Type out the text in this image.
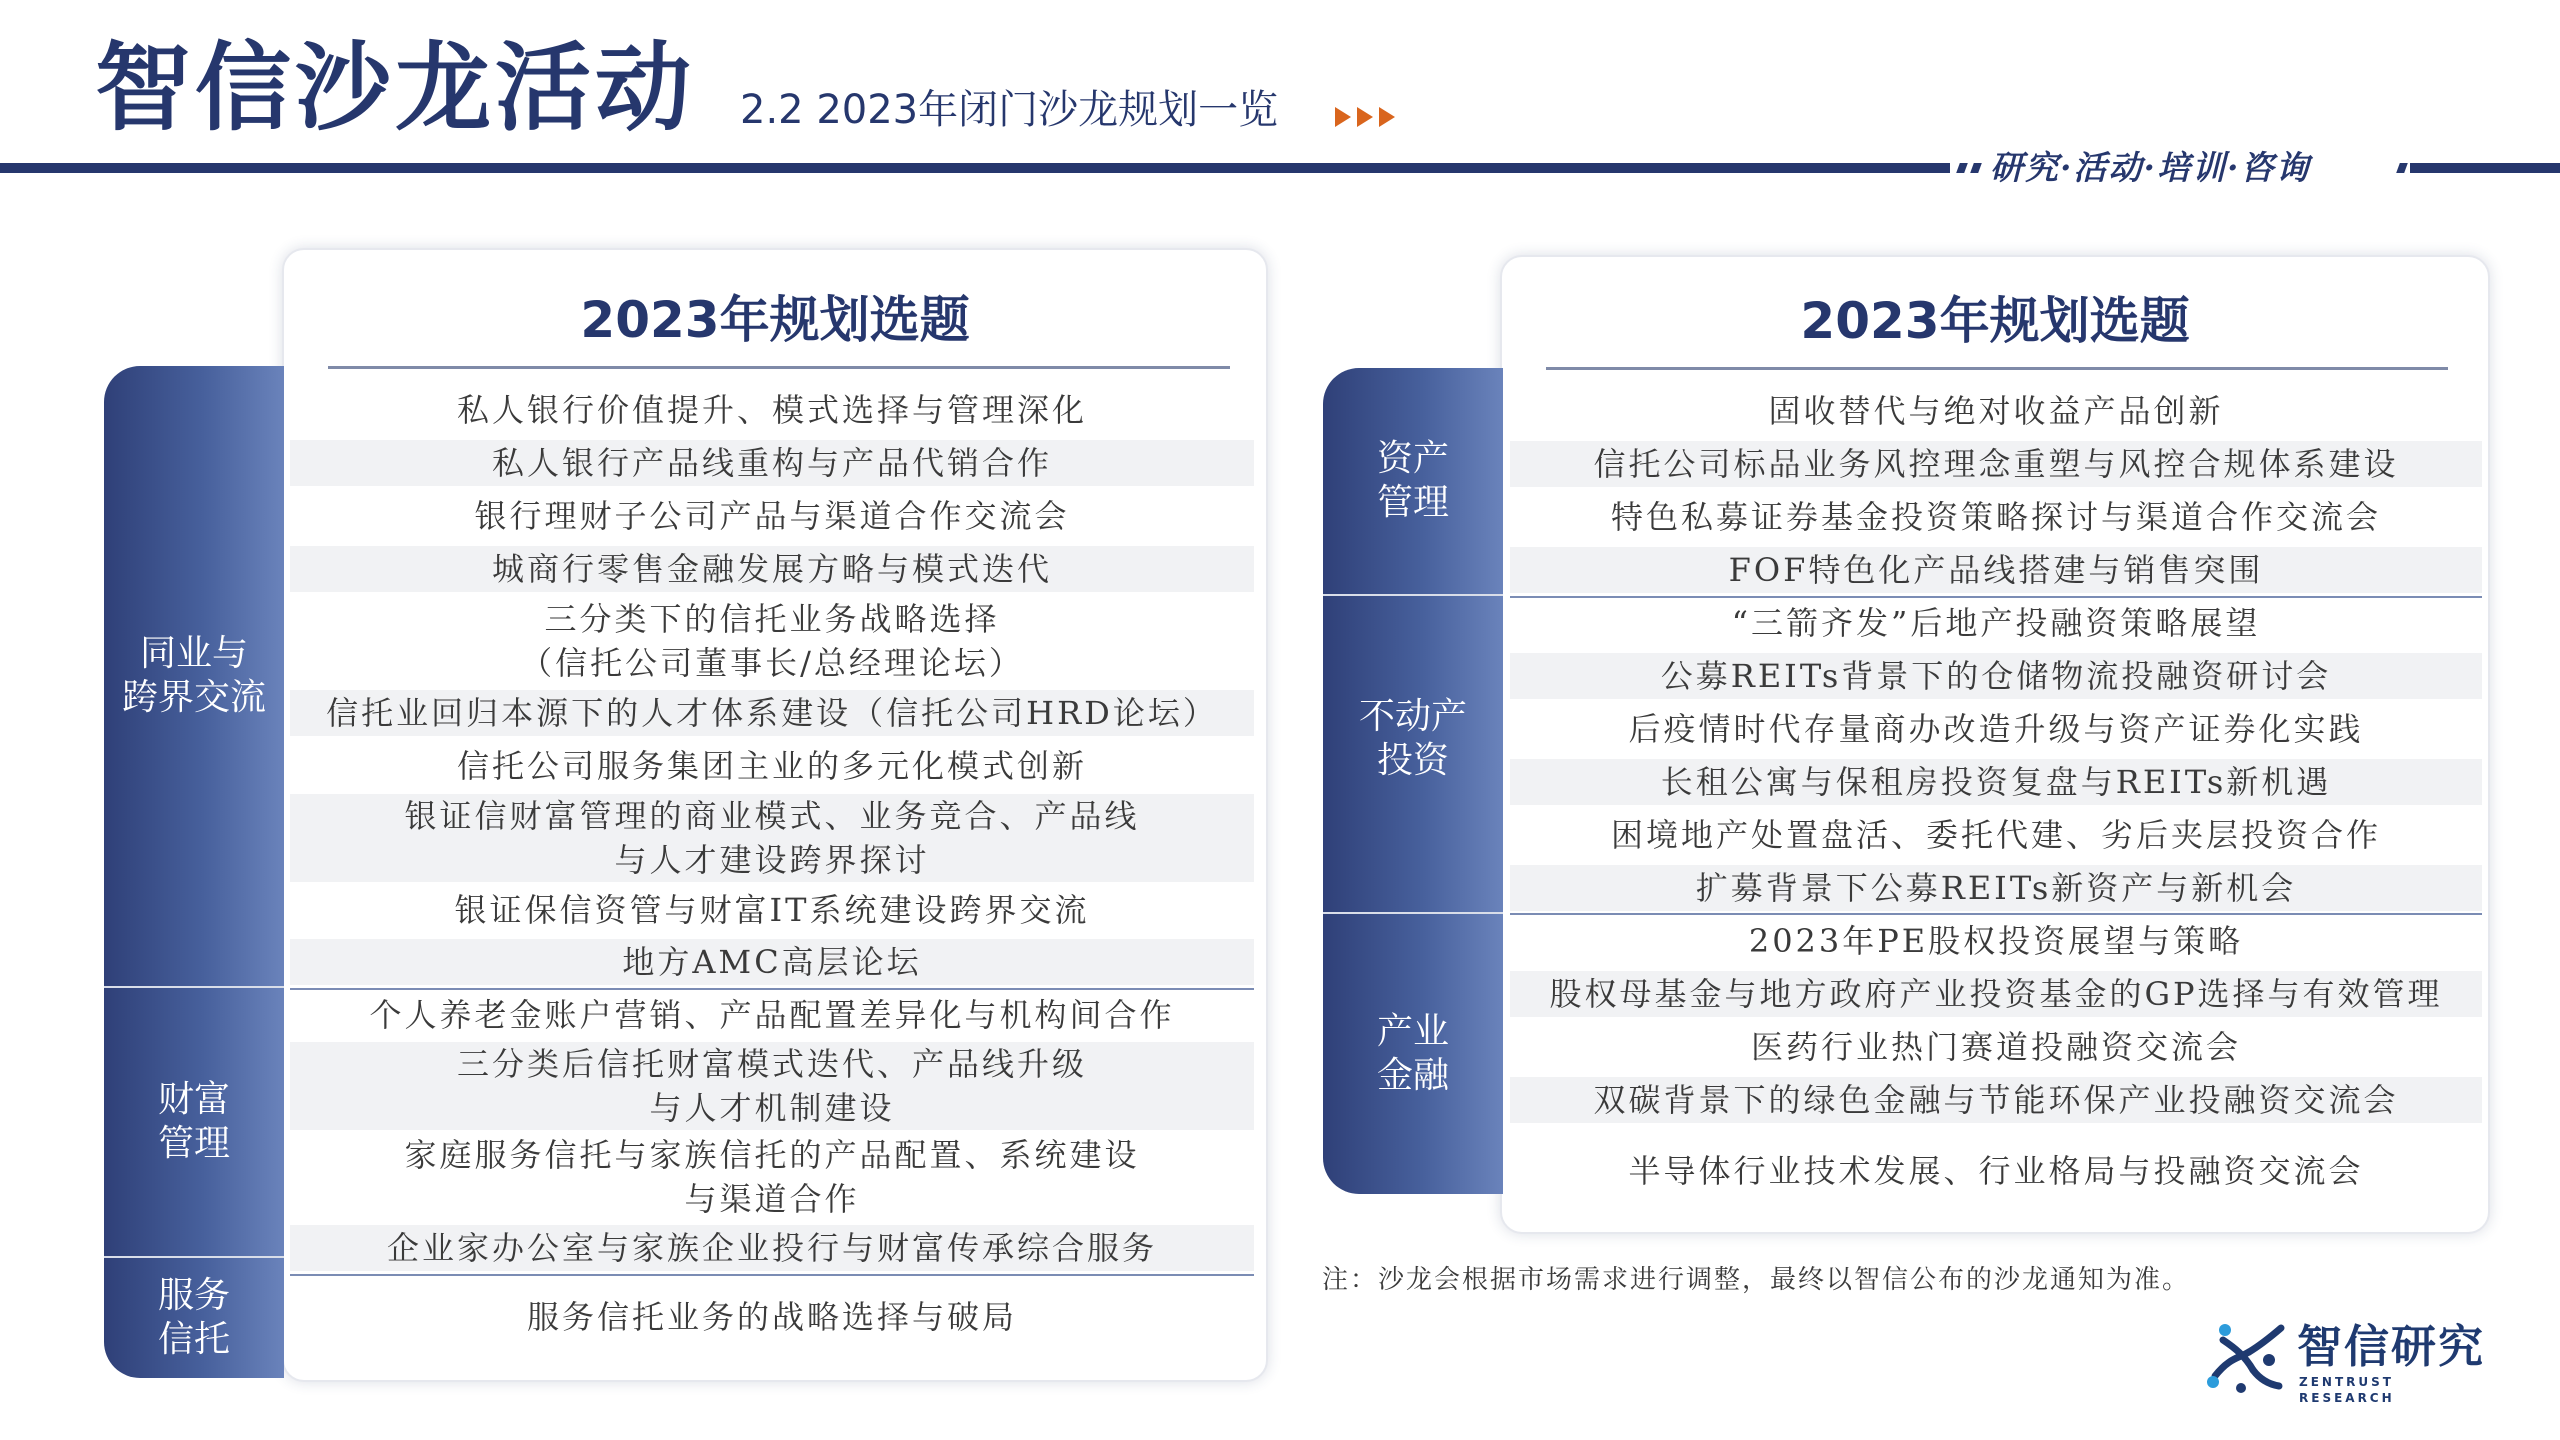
智信沙龙活动 2.2 2023年闭门沙龙规划一览
研究·活动·培训·咨询
2023年规划选题
同业与
跨界交流
财富
管理
服务
信托
私人银行价值提升、模式选择与管理深化
私人银行产品线重构与产品代销合作
银行理财子公司产品与渠道合作交流会
城商行零售金融发展方略与模式迭代
三分类下的信托业务战略选择
（信托公司董事长/总经理论坛）
信托业回归本源下的人才体系建设（信托公司HRD论坛）
信托公司服务集团主业的多元化模式创新
银证信财富管理的商业模式、业务竞合、产品线
与人才建设跨界探讨
银证保信资管与财富IT系统建设跨界交流
地方AMC高层论坛
个人养老金账户营销、产品配置差异化与机构间合作
三分类后信托财富模式迭代、产品线升级
与人才机制建设
家庭服务信托与家族信托的产品配置、系统建设
与渠道合作
企业家办公室与家族企业投行与财富传承综合服务
服务信托业务的战略选择与破局
2023年规划选题
资产
管理
不动产
投资
产业
金融
固收替代与绝对收益产品创新
信托公司标品业务风控理念重塑与风控合规体系建设
特色私募证券基金投资策略探讨与渠道合作交流会
FOF特色化产品线搭建与销售突围
“三箭齐发”后地产投融资策略展望
公募REITs背景下的仓储物流投融资研讨会
后疫情时代存量商办改造升级与资产证券化实践
长租公寓与保租房投资复盘与REITs新机遇
困境地产处置盘活、委托代建、劣后夹层投资合作
扩募背景下公募REITs新资产与新机会
2023年PE股权投资展望与策略
股权母基金与地方政府产业投资基金的GP选择与有效管理
医药行业热门赛道投融资交流会
双碳背景下的绿色金融与节能环保产业投融资交流会
半导体行业技术发展、行业格局与投融资交流会
注：沙龙会根据市场需求进行调整，最终以智信公布的沙龙通知为准。
智信研究
ZENTRUST RESEARCH
